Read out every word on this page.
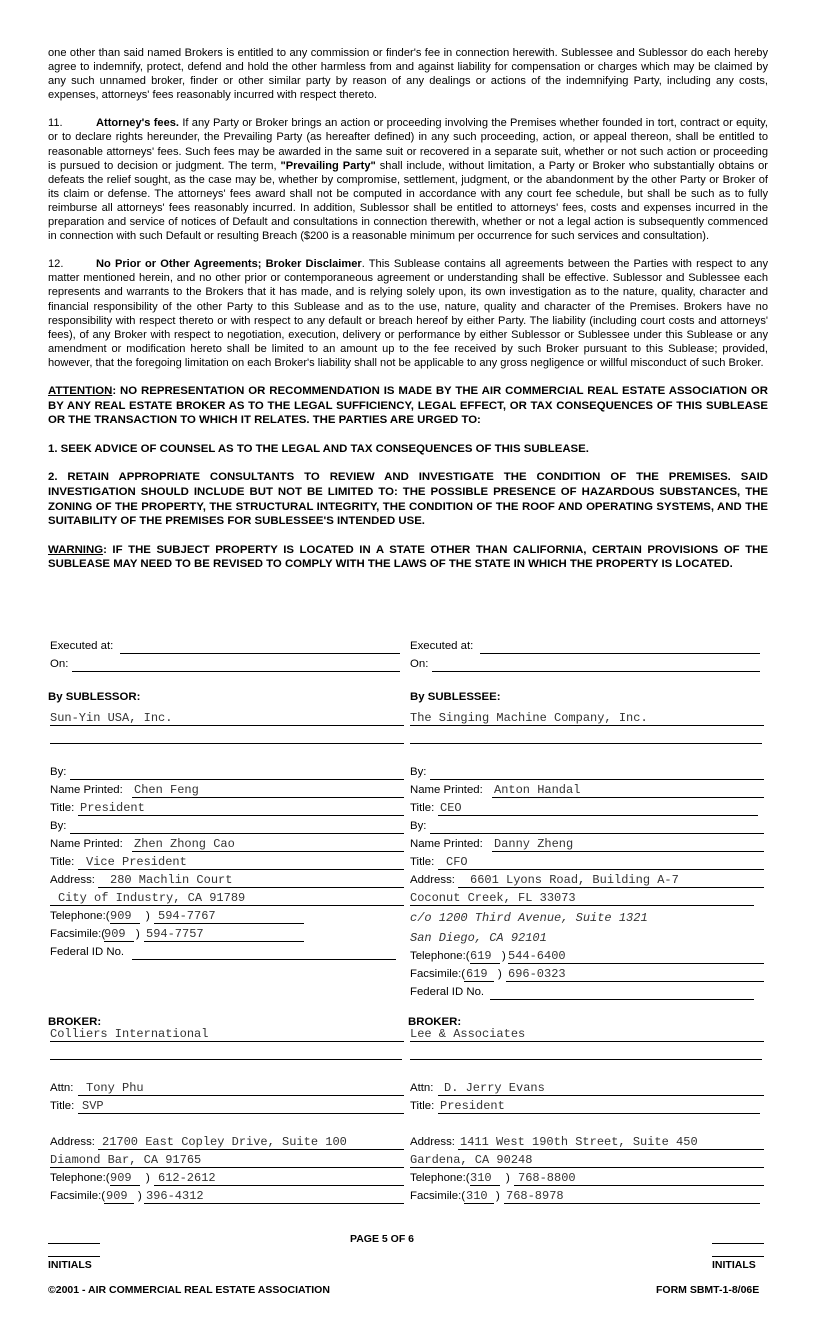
one other than said named Brokers is entitled to any commission or finder's fee in connection herewith. Sublessee and Sublessor do each hereby agree to indemnify, protect, defend and hold the other harmless from and against liability for compensation or charges which may be claimed by any such unnamed broker, finder or other similar party by reason of any dealings or actions of the indemnifying Party, including any costs, expenses, attorneys' fees reasonably incurred with respect thereto.

11.	Attorney's fees. If any Party or Broker brings an action or proceeding involving the Premises whether founded in tort, contract or equity, or to declare rights hereunder, the Prevailing Party (as hereafter defined) in any such proceeding, action, or appeal thereon, shall be entitled to reasonable attorneys' fees. Such fees may be awarded in the same suit or recovered in a separate suit, whether or not such action or proceeding is pursued to decision or judgment. The term, "Prevailing Party" shall include, without limitation, a Party or Broker who substantially obtains or defeats the relief sought, as the case may be, whether by compromise, settlement, judgment, or the abandonment by the other Party or Broker of its claim or defense. The attorneys' fees award shall not be computed in accordance with any court fee schedule, but shall be such as to fully reimburse all attorneys' fees reasonably incurred. In addition, Sublessor shall be entitled to attorneys' fees, costs and expenses incurred in the preparation and service of notices of Default and consultations in connection therewith, whether or not a legal action is subsequently commenced in connection with such Default or resulting Breach ($200 is a reasonable minimum per occurrence for such services and consultation).

12.	No Prior or Other Agreements; Broker Disclaimer. This Sublease contains all agreements between the Parties with respect to any matter mentioned herein, and no other prior or contemporaneous agreement or understanding shall be effective. Sublessor and Sublessee each represents and warrants to the Brokers that it has made, and is relying solely upon, its own investigation as to the nature, quality, character and financial responsibility of the other Party to this Sublease and as to the use, nature, quality and character of the Premises. Brokers have no responsibility with respect thereto or with respect to any default or breach hereof by either Party. The liability (including court costs and attorneys' fees), of any Broker with respect to negotiation, execution, delivery or performance by either Sublessor or Sublessee under this Sublease or any amendment or modification hereto shall be limited to an amount up to the fee received by such Broker pursuant to this Sublease; provided, however, that the foregoing limitation on each Broker's liability shall not be applicable to any gross negligence or willful misconduct of such Broker.

ATTENTION: NO REPRESENTATION OR RECOMMENDATION IS MADE BY THE AIR COMMERCIAL REAL ESTATE ASSOCIATION OR BY ANY REAL ESTATE BROKER AS TO THE LEGAL SUFFICIENCY, LEGAL EFFECT, OR TAX CONSEQUENCES OF THIS SUBLEASE OR THE TRANSACTION TO WHICH IT RELATES. THE PARTIES ARE URGED TO:

1. SEEK ADVICE OF COUNSEL AS TO THE LEGAL AND TAX CONSEQUENCES OF THIS SUBLEASE.

2. RETAIN APPROPRIATE CONSULTANTS TO REVIEW AND INVESTIGATE THE CONDITION OF THE PREMISES. SAID INVESTIGATION SHOULD INCLUDE BUT NOT BE LIMITED TO: THE POSSIBLE PRESENCE OF HAZARDOUS SUBSTANCES, THE ZONING OF THE PROPERTY, THE STRUCTURAL INTEGRITY, THE CONDITION OF THE ROOF AND OPERATING SYSTEMS, AND THE SUITABILITY OF THE PREMISES FOR SUBLESSEE'S INTENDED USE.

WARNING: IF THE SUBJECT PROPERTY IS LOCATED IN A STATE OTHER THAN CALIFORNIA, CERTAIN PROVISIONS OF THE SUBLEASE MAY NEED TO BE REVISED TO COMPLY WITH THE LAWS OF THE STATE IN WHICH THE PROPERTY IS LOCATED.

Executed at:
On:
By SUBLESSOR:
Sun-Yin USA, Inc.
By:
Name Printed: Chen Feng
Title: President
By:
Name Printed: Zhen Zhong Cao
Title: Vice President
Address: 280 Machlin Court
City of Industry, CA 91789
Telephone:( 909 ) 594-7767
Facsimile:(
909 ) 594-7757
Federal ID No.
Executed at:
On:
By SUBLESSEE:
The Singing Machine Company, Inc.
By:
Name Printed: Anton Handal
Title: CEO
By:
Name Printed: Danny Zheng
Title: CFO
Address: 6601 Lyons Road, Building A-7
Coconut Creek, FL 33073
c/o 1200 Third Avenue, Suite 1321
San Diego, CA 92101
Telephone:( 619 ) 544-6400
Facsimile:( 619 ) 696-0323
Federal ID No.
BROKER:
Colliers International
Attn: Tony Phu
Title: SVP
Address: 21700 East Copley Drive, Suite 100
Diamond Bar, CA 91765
Telephone:( 909 ) 612-2612
Facsimile:( 909 ) 396-4312
BROKER:
Lee & Associates
Attn: D. Jerry Evans
Title: President
Address: 1411 West 190th Street, Suite 450
Gardena, CA 90248
Telephone:( 310 ) 768-8800
Facsimile:( 310 ) 768-8978
PAGE 5 OF 6
INITIALS	INITIALS
©2001 - AIR COMMERCIAL REAL ESTATE ASSOCIATION	FORM SBMT-1-8/06E
